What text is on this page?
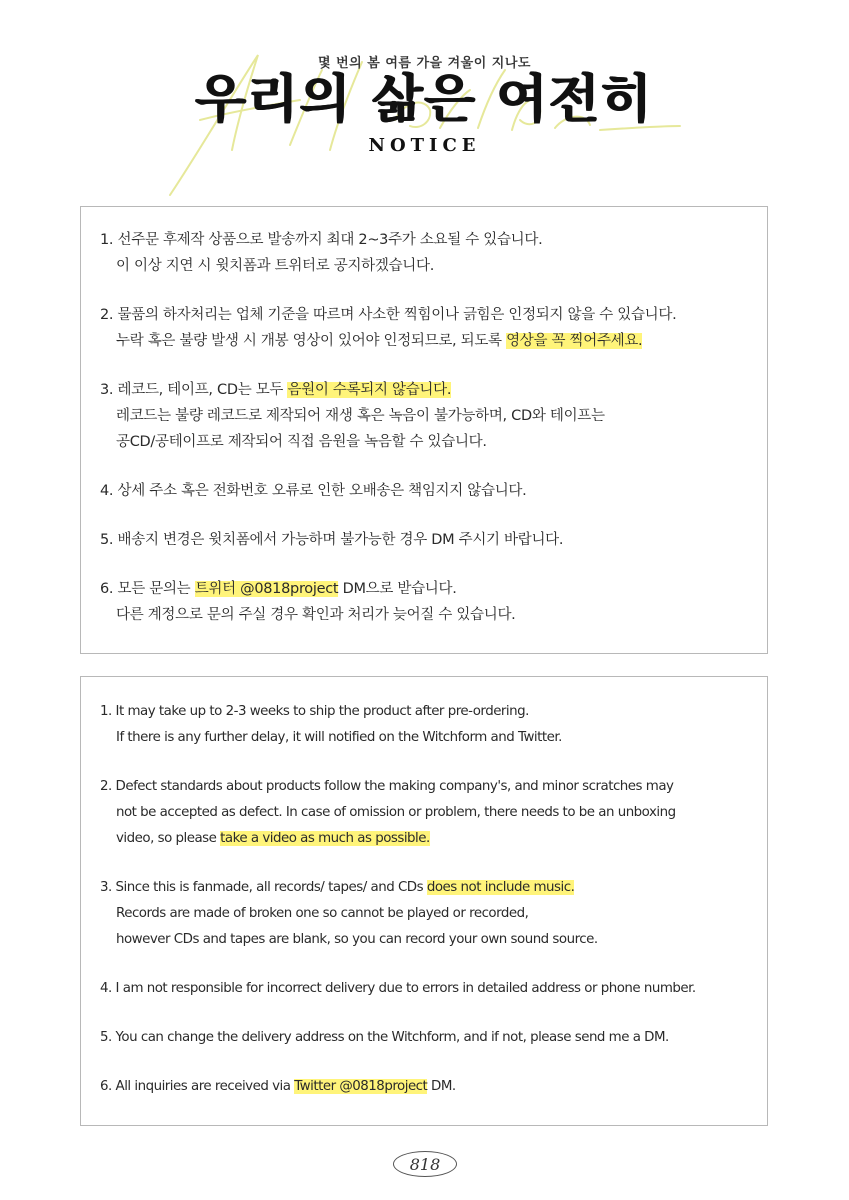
몇 번의 봄 여름 가을 겨울이 지나도
우리의 삶은 여전히
NOTICE
1. 선주문 후제작 상품으로 발송까지 최대 2~3주가 소요될 수 있습니다.
이 이상 지연 시 윗치폼과 트위터로 공지하겠습니다.
2. 물품의 하자처리는 업체 기준을 따르며 사소한 찍힘이나 긁힘은 인정되지 않을 수 있습니다.
누락 혹은 불량 발생 시 개봉 영상이 있어야 인정되므로, 되도록 영상을 꼭 찍어주세요.
3. 레코드, 테이프, CD는 모두 음원이 수록되지 않습니다.
레코드는 불량 레코드로 제작되어 재생 혹은 녹음이 불가능하며, CD와 테이프는
공CD/공테이프로 제작되어 직접 음원을 녹음할 수 있습니다.
4. 상세 주소 혹은 전화번호 오류로 인한 오배송은 책임지지 않습니다.
5. 배송지 변경은 윗치폼에서 가능하며 불가능한 경우 DM 주시기 바랍니다.
6. 모든 문의는 트위터 @0818project DM으로 받습니다.
다른 계정으로 문의 주실 경우 확인과 처리가 늦어질 수 있습니다.
1. It may take up to 2-3 weeks to ship the product after pre-ordering.
If there is any further delay, it will notified on the Witchform and Twitter.
2. Defect standards about products follow the making company's, and minor scratches may
not be accepted as defect. In case of omission or problem, there needs to be an unboxing
video, so please take a video as much as possible.
3. Since this is fanmade, all records/ tapes/ and CDs does not include music.
Records are made of broken one so cannot be played or recorded,
however CDs and tapes are blank, so you can record your own sound source.
4. I am not responsible for incorrect delivery due to errors in detailed address or phone number.
5. You can change the delivery address on the Witchform, and if not, please send me a DM.
6. All inquiries are received via Twitter @0818project DM.
818
